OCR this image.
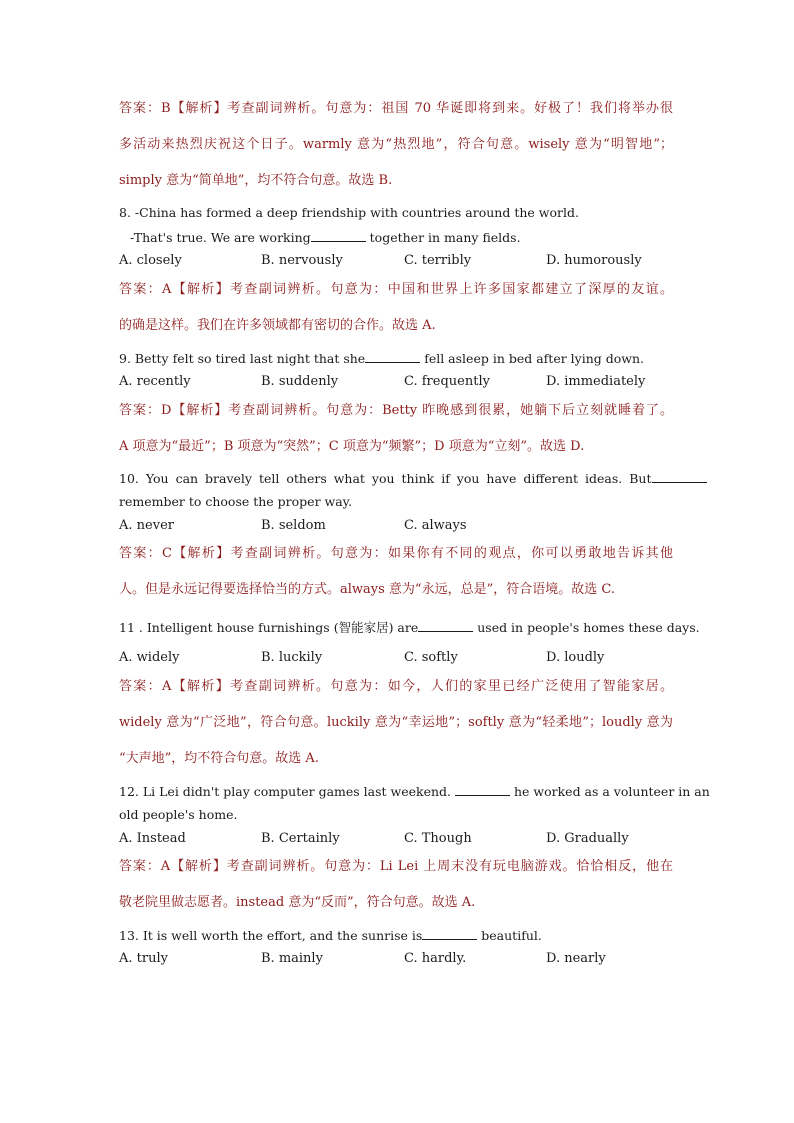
答案：B【解析】考查副词辨析。句意为：祖国 70 华诞即将到来。好极了！我们将举办很
多活动来热烈庆祝这个日子。warmly 意为“热烈地”，符合句意。wisely 意为“明智地”；
simply 意为“简单地”，均不符合句意。故选 B.
8. -China has formed a deep friendship with countries around the world.
-That's true. We are working	together in many fields.
A. closely	B. nervously	C. terribly	D. humorously
答案：A【解析】考查副词辨析。句意为：中国和世界上许多国家都建立了深厚的友谊。
的确是这样。我们在许多领域都有密切的合作。故选 A.
9. Betty felt so tired last night that she	fell asleep in bed after lying down.
A. recently	B. suddenly	C. frequently	D. immediately
答案：D【解析】考查副词辨析。句意为：Betty 昨晚感到很累，她躺下后立刻就睡着了。
A 项意为“最近”；B 项意为“突然”；C 项意为“频繁”；D 项意为“立刻”。故选 D.
10. You can bravely tell others what you think if you have different ideas. But
remember to choose the proper way.
A. never	B. seldom	C. always
答案：C【解析】考查副词辨析。句意为：如果你有不同的观点，你可以勇敢地告诉其他
人。但是永远记得要选择恰当的方式。always 意为“永远，总是”，符合语境。故选 C.
11 . Intelligent house furnishings (智能家居) are	used in people's homes these days.
A. widely	B. luckily	C. softly	D. loudly
答案：A【解析】考查副词辨析。句意为：如今，人们的家里已经广泛使用了智能家居。
widely 意为“广泛地”，符合句意。luckily 意为“幸运地”；softly 意为“轻柔地”；loudly 意为
“大声地”，均不符合句意。故选 A.
12. Li Lei didn't play computer games last weekend.	he worked as a volunteer in an
old people's home.
A. Instead	B. Certainly	C. Though	D. Gradually
答案：A【解析】考查副词辨析。句意为：Li Lei 上周末没有玩电脑游戏。恰恰相反，他在
敬老院里做志愿者。instead 意为“反而”，符合句意。故选 A.
13. It is well worth the effort, and the sunrise is	beautiful.
A. truly	B. mainly	C. hardly.	D. nearly
